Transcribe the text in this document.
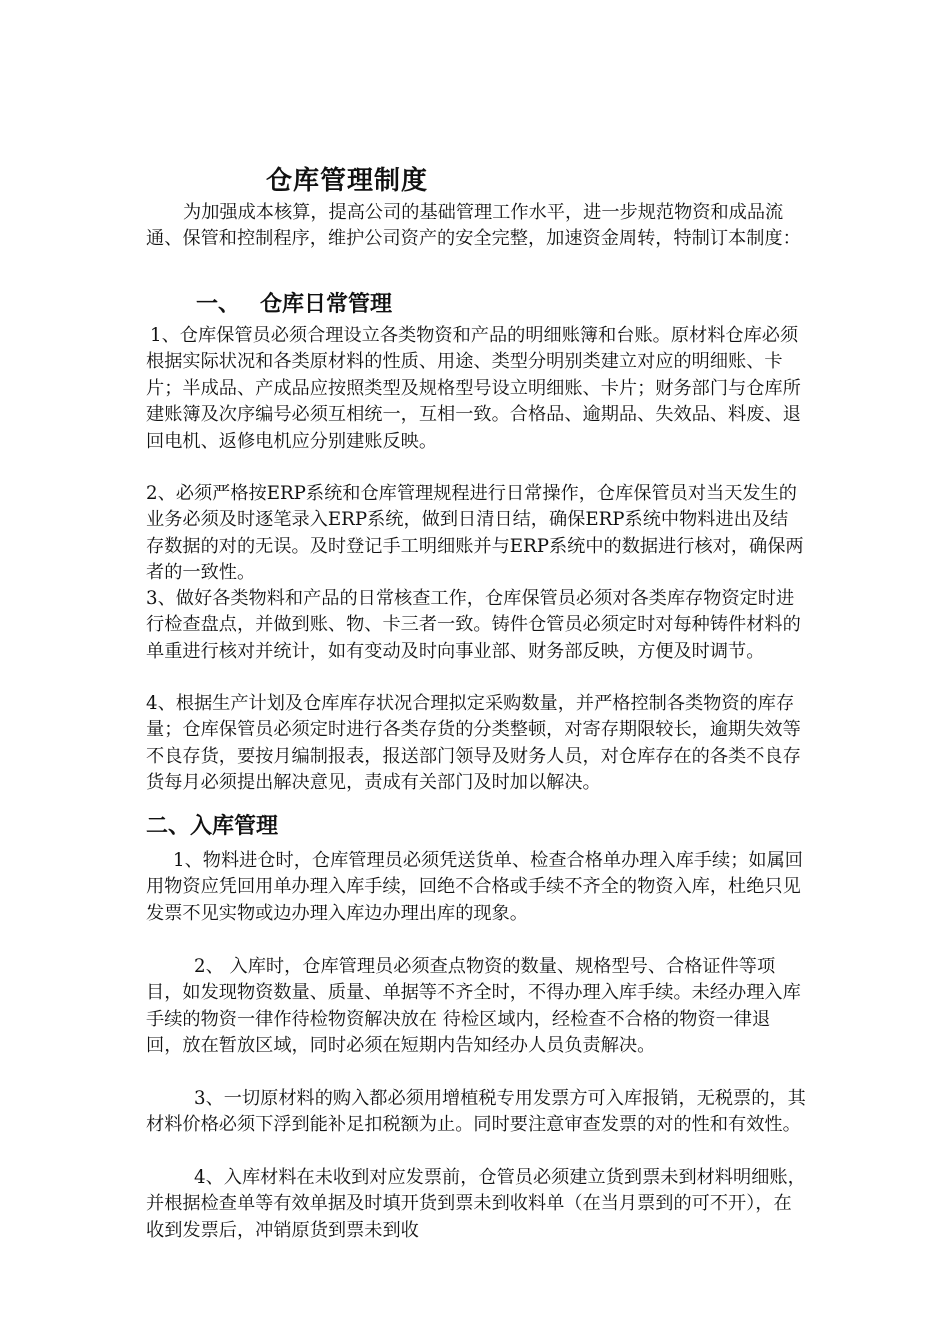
仓库管理制度

为加强成本核算，提高公司的基础管理工作水平，进一步规范物资和成品流通、保管和控制程序，维护公司资产的安全完整，加速资金周转，特制订本制度：

一、 仓库日常管理

1、仓库保管员必须合理设立各类物资和产品的明细账簿和台账。原材料仓库必须根据实际状况和各类原材料的性质、用途、类型分明别类建立对应的明细账、卡片；半成品、产成品应按照类型及规格型号设立明细账、卡片；财务部门与仓库所建账簿及次序编号必须互相统一，互相一致。合格品、逾期品、失效品、料废、退回电机、返修电机应分别建账反映。

2、必须严格按ERP系统和仓库管理规程进行日常操作，仓库保管员对当天发生的业务必须及时逐笔录入ERP系统，做到日清日结，确保ERP系统中物料进出及结存数据的对的无误。及时登记手工明细账并与ERP系统中的数据进行核对，确保两者的一致性。

3、做好各类物料和产品的日常核查工作，仓库保管员必须对各类库存物资定时进行检查盘点，并做到账、物、卡三者一致。铸件仓管员必须定时对每种铸件材料的单重进行核对并统计，如有变动及时向事业部、财务部反映，方便及时调节。

4、根据生产计划及仓库库存状况合理拟定采购数量，并严格控制各类物资的库存量；仓库保管员必须定时进行各类存货的分类整顿，对寄存期限较长，逾期失效等不良存货，要按月编制报表，报送部门领导及财务人员，对仓库存在的各类不良存货每月必须提出解决意见，责成有关部门及时加以解决。

二、入库管理

1、物料进仓时，仓库管理员必须凭送货单、检查合格单办理入库手续；如属回用物资应凭回用单办理入库手续，回绝不合格或手续不齐全的物资入库，杜绝只见发票不见实物或边办理入库边办理出库的现象。

2、 入库时，仓库管理员必须查点物资的数量、规格型号、合格证件等项目，如发现物资数量、质量、单据等不齐全时，不得办理入库手续。未经办理入库手续的物资一律作待检物资解决放在 待检区域内，经检查不合格的物资一律退回，放在暂放区域，同时必须在短期内告知经办人员负责解决。

3、一切原材料的购入都必须用增植税专用发票方可入库报销，无税票的，其材料价格必须下浮到能补足扣税额为止。同时要注意审查发票的对的性和有效性。

4、入库材料在未收到对应发票前，仓管员必须建立货到票未到材料明细账，并根据检查单等有效单据及时填开货到票未到收料单（在当月票到的可不开），在收到发票后，冲销原货到票未到收
